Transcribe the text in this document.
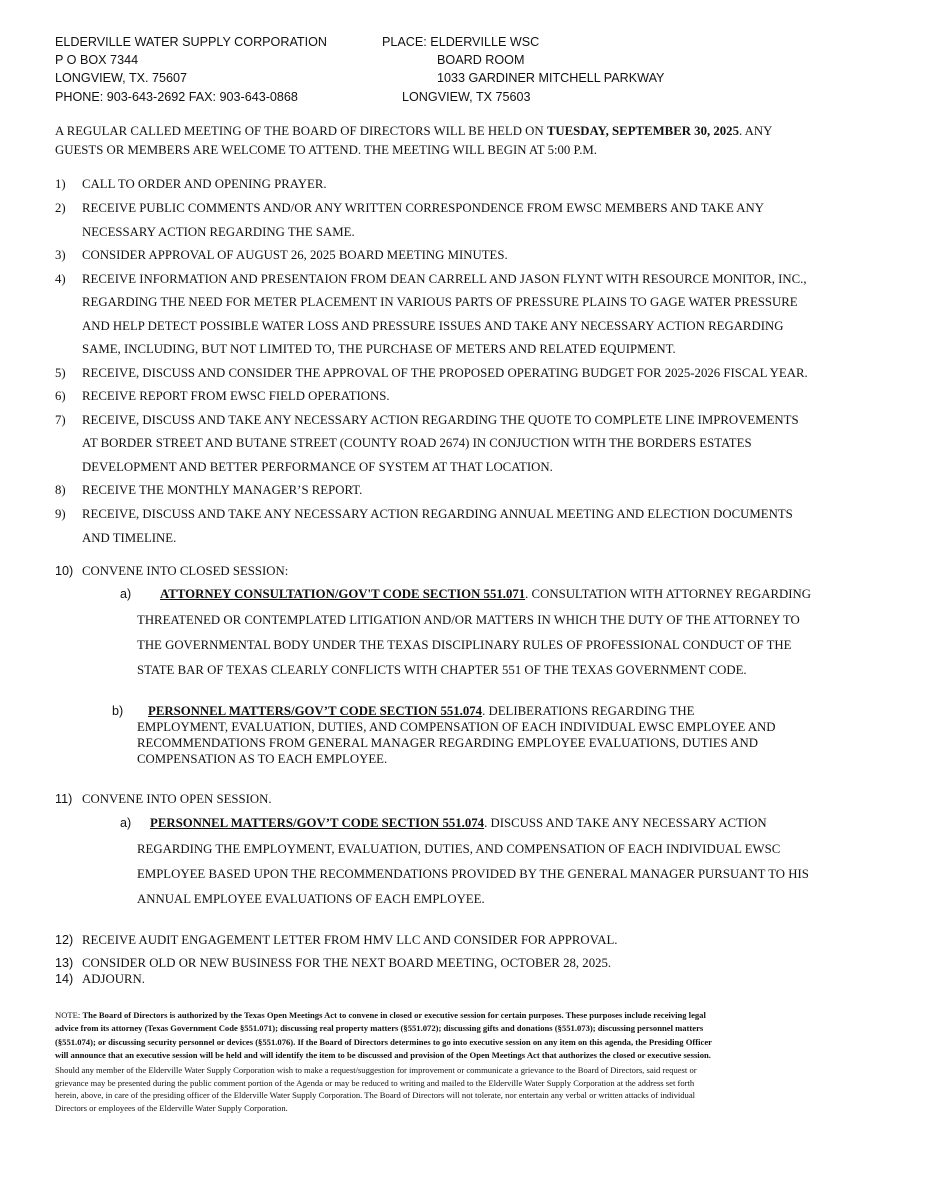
ELDERVILLE WATER SUPPLY CORPORATION
P O BOX 7344
LONGVIEW, TX. 75607
PHONE: 903-643-2692 FAX: 903-643-0868
PLACE: ELDERVILLE WSC
BOARD ROOM
1033 GARDINER MITCHELL PARKWAY
LONGVIEW, TX 75603
A REGULAR CALLED MEETING OF THE BOARD OF DIRECTORS WILL BE HELD ON TUESDAY, SEPTEMBER 30, 2025. ANY
GUESTS OR MEMBERS ARE WELCOME TO ATTEND. THE MEETING WILL BEGIN AT 5:00 P.M.
1) CALL TO ORDER AND OPENING PRAYER.
2) RECEIVE PUBLIC COMMENTS AND/OR ANY WRITTEN CORRESPONDENCE FROM EWSC MEMBERS AND TAKE ANY
NECESSARY ACTION REGARDING THE SAME.
3) CONSIDER APPROVAL OF AUGUST 26, 2025 BOARD MEETING MINUTES.
4) RECEIVE INFORMATION AND PRESENTAION FROM DEAN CARRELL AND JASON FLYNT WITH RESOURCE MONITOR, INC.,
REGARDING THE NEED FOR METER PLACEMENT IN VARIOUS PARTS OF PRESSURE PLAINS TO GAGE WATER PRESSURE
AND HELP DETECT POSSIBLE WATER LOSS AND PRESSURE ISSUES AND TAKE ANY NECESSARY ACTION REGARDING
SAME, INCLUDING, BUT NOT LIMITED TO, THE PURCHASE OF METERS AND RELATED EQUIPMENT.
5) RECEIVE, DISCUSS AND CONSIDER THE APPROVAL OF THE PROPOSED OPERATING BUDGET FOR 2025-2026 FISCAL YEAR.
6) RECEIVE REPORT FROM EWSC FIELD OPERATIONS.
7) RECEIVE, DISCUSS AND TAKE ANY NECESSARY ACTION REGARDING THE QUOTE TO COMPLETE LINE IMPROVEMENTS
AT BORDER STREET AND BUTANE STREET (COUNTY ROAD 2674) IN CONJUCTION WITH THE BORDERS ESTATES
DEVELOPMENT AND BETTER PERFORMANCE OF SYSTEM AT THAT LOCATION.
8) RECEIVE THE MONTHLY MANAGER’S REPORT.
9) RECEIVE, DISCUSS AND TAKE ANY NECESSARY ACTION REGARDING ANNUAL MEETING AND ELECTION DOCUMENTS
AND TIMELINE.
10) CONVENE INTO CLOSED SESSION:
a) ATTORNEY CONSULTATION/GOV'T CODE SECTION 551.071. CONSULTATION WITH ATTORNEY REGARDING
THREATENED OR CONTEMPLATED LITIGATION AND/OR MATTERS IN WHICH THE DUTY OF THE ATTORNEY TO
THE GOVERNMENTAL BODY UNDER THE TEXAS DISCIPLINARY RULES OF PROFESSIONAL CONDUCT OF THE
STATE BAR OF TEXAS CLEARLY CONFLICTS WITH CHAPTER 551 OF THE TEXAS GOVERNMENT CODE.
b) PERSONNEL MATTERS/GOV’T CODE SECTION 551.074. DELIBERATIONS REGARDING THE
EMPLOYMENT, EVALUATION, DUTIES, AND COMPENSATION OF EACH INDIVIDUAL EWSC EMPLOYEE AND
RECOMMENDATIONS FROM GENERAL MANAGER REGARDING EMPLOYEE EVALUATIONS, DUTIES AND
COMPENSATION AS TO EACH EMPLOYEE.
11) CONVENE INTO OPEN SESSION.
a) PERSONNEL MATTERS/GOV’T CODE SECTION 551.074. DISCUSS AND TAKE ANY NECESSARY ACTION
REGARDING THE EMPLOYMENT, EVALUATION, DUTIES, AND COMPENSATION OF EACH INDIVIDUAL EWSC
EMPLOYEE BASED UPON THE RECOMMENDATIONS PROVIDED BY THE GENERAL MANAGER PURSUANT TO HIS
ANNUAL EMPLOYEE EVALUATIONS OF EACH EMPLOYEE.
12) RECEIVE AUDIT ENGAGEMENT LETTER FROM HMV LLC AND CONSIDER FOR APPROVAL.
13) CONSIDER OLD OR NEW BUSINESS FOR THE NEXT BOARD MEETING, OCTOBER 28, 2025.
14) ADJOURN.
NOTE: The Board of Directors is authorized by the Texas Open Meetings Act to convene in closed or executive session for certain purposes. These purposes include receiving legal
advice from its attorney (Texas Government Code §551.071); discussing real property matters (§551.072); discussing gifts and donations (§551.073); discussing personnel matters
(§551.074); or discussing security personnel or devices (§551.076). If the Board of Directors determines to go into executive session on any item on this agenda, the Presiding Officer
will announce that an executive session will be held and will identify the item to be discussed and provision of the Open Meetings Act that authorizes the closed or executive session.
Should any member of the Elderville Water Supply Corporation wish to make a request/suggestion for improvement or communicate a grievance to the Board of Directors, said request or
grievance may be presented during the public comment portion of the Agenda or may be reduced to writing and mailed to the Elderville Water Supply Corporation at the address set forth
herein, above, in care of the presiding officer of the Elderville Water Supply Corporation. The Board of Directors will not tolerate, nor entertain any verbal or written attacks of individual
Directors or employees of the Elderville Water Supply Corporation.
